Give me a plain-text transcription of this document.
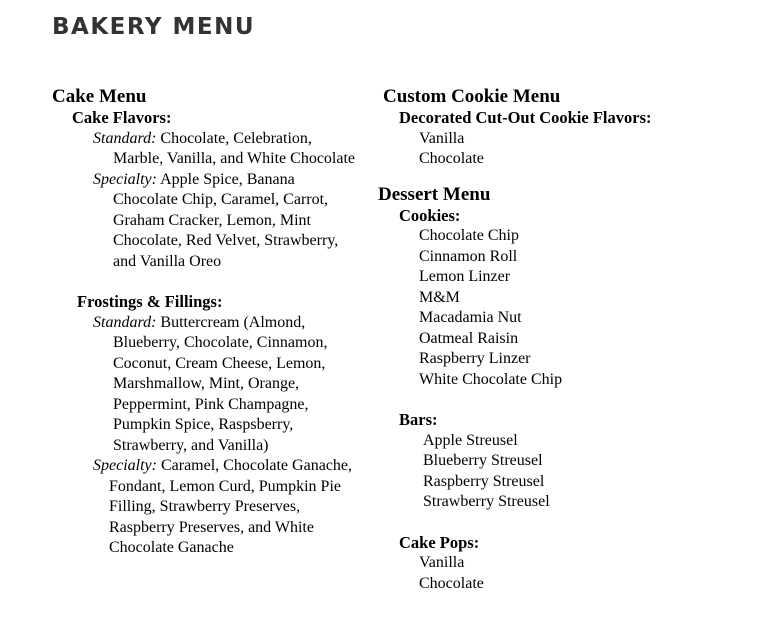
BAKERY MENU
Cake Menu
Cake Flavors:
Standard: Chocolate, Celebration, Marble, Vanilla, and White Chocolate
Specialty: Apple Spice, Banana Chocolate Chip, Caramel, Carrot, Graham Cracker, Lemon, Mint Chocolate, Red Velvet, Strawberry, and Vanilla Oreo
Frostings & Fillings:
Standard: Buttercream (Almond, Blueberry, Chocolate, Cinnamon, Coconut, Cream Cheese, Lemon, Marshmallow, Mint, Orange, Peppermint, Pink Champagne, Pumpkin Spice, Raspsberry, Strawberry, and Vanilla)
Specialty: Caramel, Chocolate Ganache, Fondant, Lemon Curd, Pumpkin Pie Filling, Strawberry Preserves, Raspberry Preserves, and White Chocolate Ganache
Custom Cookie Menu
Decorated Cut-Out Cookie Flavors:
Vanilla
Chocolate
Dessert Menu
Cookies:
Chocolate Chip
Cinnamon Roll
Lemon Linzer
M&M
Macadamia Nut
Oatmeal Raisin
Raspberry Linzer
White Chocolate Chip
Bars:
Apple Streusel
Blueberry Streusel
Raspberry Streusel
Strawberry Streusel
Cake Pops:
Vanilla
Chocolate
